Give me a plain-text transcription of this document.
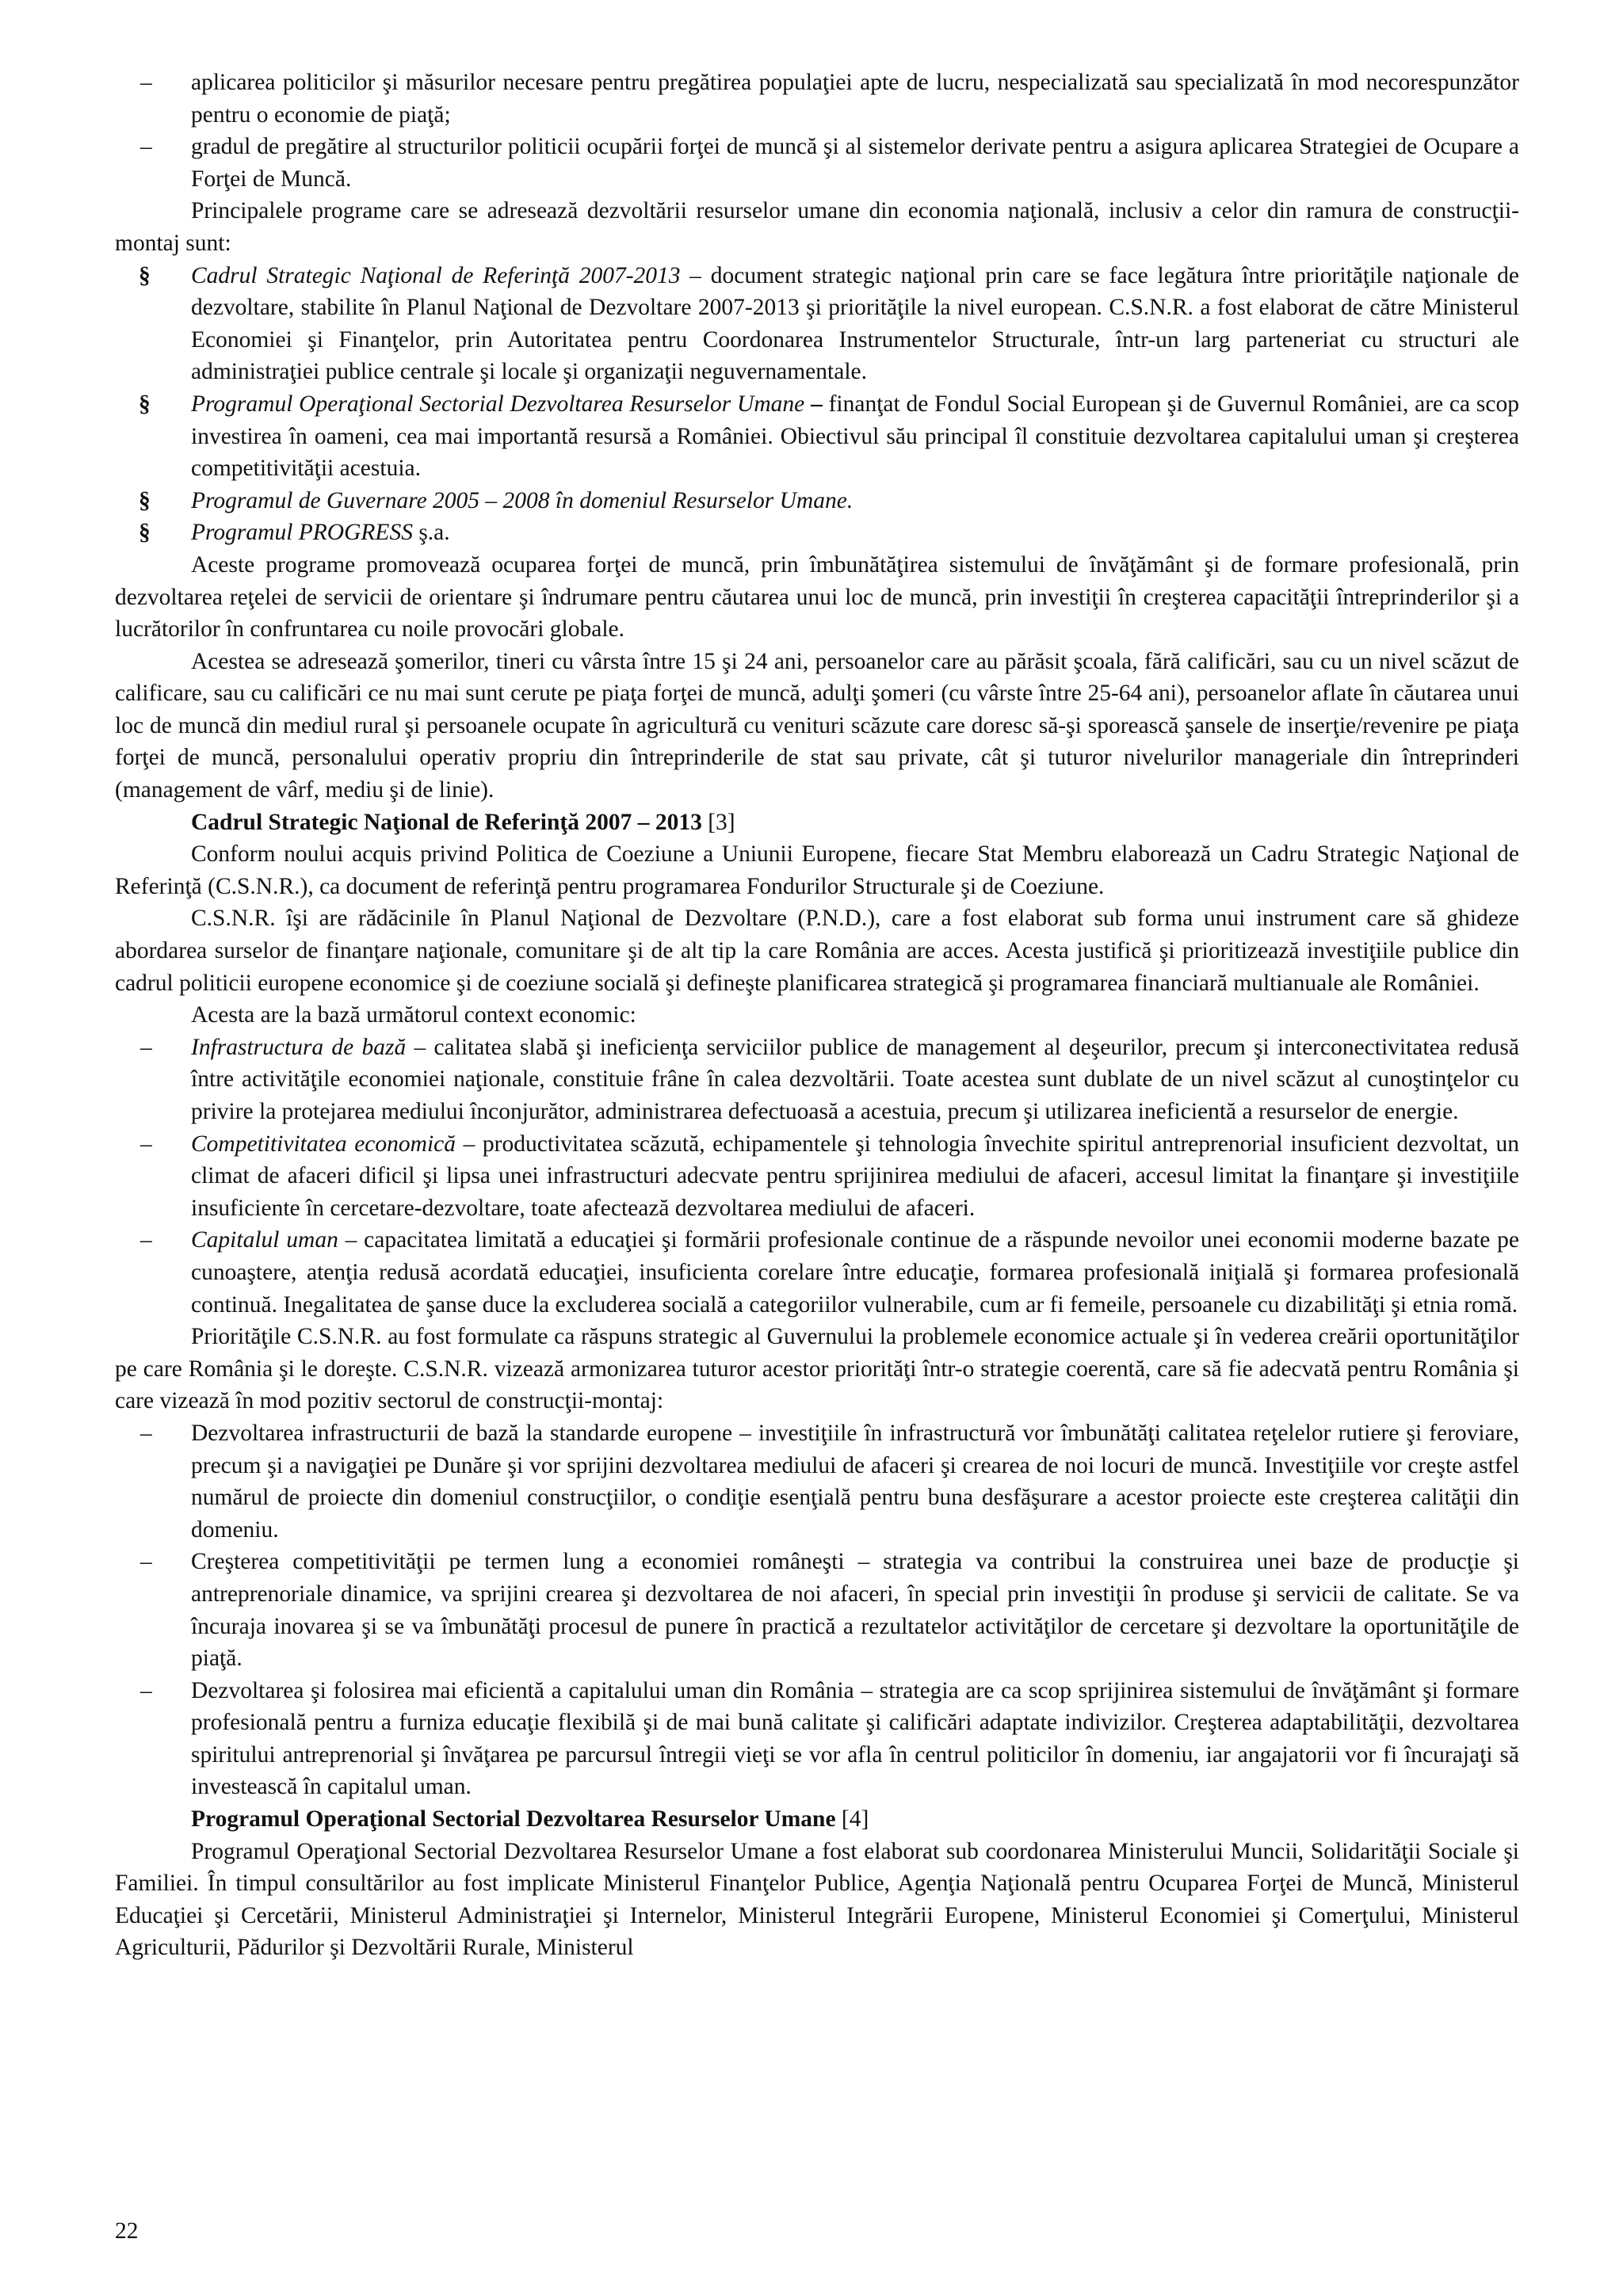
– aplicarea politicilor şi măsurilor necesare pentru pregătirea populaţiei apte de lucru, nespecializată sau specializată în mod necorespunzător pentru o economie de piaţă;

– gradul de pregătire al structurilor politicii ocupării forţei de muncă şi al sistemelor derivate pentru a asigura aplicarea Strategiei de Ocupare a Forţei de Muncă.

Principalele programe care se adresează dezvoltării resurselor umane din economia naţională, inclusiv a celor din ramura de construcţii-montaj sunt:

§ Cadrul Strategic Naţional de Referinţă 2007-2013 – document strategic naţional prin care se face legătura între priorităţile naţionale de dezvoltare, stabilite în Planul Naţional de Dezvoltare 2007-2013 şi priorităţile la nivel european. C.S.N.R. a fost elaborat de către Ministerul Economiei şi Finanţelor, prin Autoritatea pentru Coordonarea Instrumentelor Structurale, într-un larg parteneriat cu structuri ale administraţiei publice centrale şi locale şi organizaţii neguvernamentale.

§ Programul Operaţional Sectorial Dezvoltarea Resurselor Umane – finanţat de Fondul Social European şi de Guvernul României, are ca scop investirea în oameni, cea mai importantă resursă a României. Obiectivul său principal îl constituie dezvoltarea capitalului uman şi creşterea competitivităţii acestuia.

§ Programul de Guvernare 2005 – 2008 în domeniul Resurselor Umane.

§ Programul PROGRESS ş.a.

Aceste programe promovează ocuparea forţei de muncă, prin îmbunătăţirea sistemului de învăţământ şi de formare profesională, prin dezvoltarea reţelei de servicii de orientare şi îndrumare pentru căutarea unui loc de muncă, prin investiţii în creşterea capacităţii întreprinderilor şi a lucrătorilor în confruntarea cu noile provocări globale.

Acestea se adresează şomerilor, tineri cu vârsta între 15 şi 24 ani, persoanelor care au părăsit şcoala, fără calificări, sau cu un nivel scăzut de calificare, sau cu calificări ce nu mai sunt cerute pe piaţa forţei de muncă, adulţi şomeri (cu vârste între 25-64 ani), persoanelor aflate în căutarea unui loc de muncă din mediul rural şi persoanele ocupate în agricultură cu venituri scăzute care doresc să-şi sporească şansele de inserţie/revenire pe piaţa forţei de muncă, personalului operativ propriu din întreprinderile de stat sau private, cât şi tuturor nivelurilor manageriale din întreprinderi (management de vârf, mediu şi de linie).

Cadrul Strategic Naţional de Referinţă 2007 – 2013 [3]

Conform noului acquis privind Politica de Coeziune a Uniunii Europene, fiecare Stat Membru elaborează un Cadru Strategic Naţional de Referinţă (C.S.N.R.), ca document de referinţă pentru programarea Fondurilor Structurale şi de Coeziune.

C.S.N.R. îşi are rădăcinile în Planul Naţional de Dezvoltare (P.N.D.), care a fost elaborat sub forma unui instrument care să ghideze abordarea surselor de finanţare naţionale, comunitare şi de alt tip la care România are acces. Acesta justifică şi prioritizează investiţiile publice din cadrul politicii europene economice şi de coeziune socială şi defineşte planificarea strategică şi programarea financiară multianuale ale României.

Acesta are la bază următorul context economic:

– Infrastructura de bază – calitatea slabă şi ineficienţa serviciilor publice de management al deşeurilor, precum şi interconectivitatea redusă între activităţile economiei naţionale, constituie frâne în calea dezvoltării. Toate acestea sunt dublate de un nivel scăzut al cunoştinţelor cu privire la protejarea mediului înconjurător, administrarea defectuoasă a acestuia, precum şi utilizarea ineficientă a resurselor de energie.

– Competitivitatea economică – productivitatea scăzută, echipamentele şi tehnologia învechite spiritul antreprenorial insuficient dezvoltat, un climat de afaceri dificil şi lipsa unei infrastructuri adecvate pentru sprijinirea mediului de afaceri, accesul limitat la finanţare şi investiţiile insuficiente în cercetare-dezvoltare, toate afectează dezvoltarea mediului de afaceri.

– Capitalul uman – capacitatea limitată a educaţiei şi formării profesionale continue de a răspunde nevoilor unei economii moderne bazate pe cunoaştere, atenţia redusă acordată educaţiei, insuficienta corelare între educaţie, formarea profesională iniţială şi formarea profesională continuă. Inegalitatea de şanse duce la excluderea socială a categoriilor vulnerabile, cum ar fi femeile, persoanele cu dizabilităţi şi etnia romă.

Priorităţile C.S.N.R. au fost formulate ca răspuns strategic al Guvernului la problemele economice actuale şi în vederea creării oportunităţilor pe care România şi le doreşte. C.S.N.R. vizează armonizarea tuturor acestor priorităţi într-o strategie coerentă, care să fie adecvată pentru România şi care vizează în mod pozitiv sectorul de construcţii-montaj:

– Dezvoltarea infrastructurii de bază la standarde europene – investiţiile în infrastructură vor îmbunătăţi calitatea reţelelor rutiere şi feroviare, precum şi a navigaţiei pe Dunăre şi vor sprijini dezvoltarea mediului de afaceri şi crearea de noi locuri de muncă. Investiţiile vor creşte astfel numărul de proiecte din domeniul construcţiilor, o condiţie esenţială pentru buna desfăşurare a acestor proiecte este creşterea calităţii din domeniu.

– Creşterea competitivităţii pe termen lung a economiei româneşti – strategia va contribui la construirea unei baze de producţie şi antreprenoriale dinamice, va sprijini crearea şi dezvoltarea de noi afaceri, în special prin investiţii în produse şi servicii de calitate. Se va încuraja inovarea şi se va îmbunătăţi procesul de punere în practică a rezultatelor activităţilor de cercetare şi dezvoltare la oportunităţile de piaţă.

– Dezvoltarea şi folosirea mai eficientă a capitalului uman din România – strategia are ca scop sprijinirea sistemului de învăţământ şi formare profesională pentru a furniza educaţie flexibilă şi de mai bună calitate şi calificări adaptate indivizilor. Creşterea adaptabilităţii, dezvoltarea spiritului antreprenorial şi învăţarea pe parcursul întregii vieţi se vor afla în centrul politicilor în domeniu, iar angajatorii vor fi încurajaţi să investească în capitalul uman.

Programul Operaţional Sectorial Dezvoltarea Resurselor Umane [4]

Programul Operaţional Sectorial Dezvoltarea Resurselor Umane a fost elaborat sub coordonarea Ministerului Muncii, Solidarităţii Sociale şi Familiei. În timpul consultărilor au fost implicate Ministerul Finanţelor Publice, Agenţia Naţională pentru Ocuparea Forţei de Muncă, Ministerul Educaţiei şi Cercetării, Ministerul Administraţiei şi Internelor, Ministerul Integrării Europene, Ministerul Economiei şi Comerţului, Ministerul Agriculturii, Pădurilor şi Dezvoltării Rurale, Ministerul

22
